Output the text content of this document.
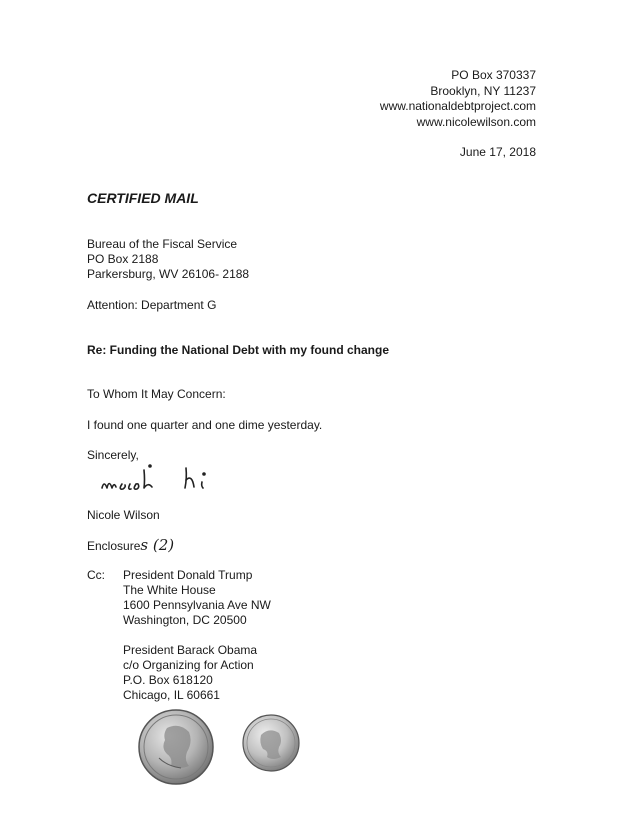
PO Box 370337

Brooklyn, NY 11237

www.nationaldebtproject.com

www.nicolewilson.com

June 17, 2018

CERTIFIED MAIL

Bureau of the Fiscal Service

PO Box 2188

Parkersburg, WV 26106- 2188

Attention: Department G

Re: Funding the National Debt with my found change

To Whom It May Concern:

I found one quarter and one dime yesterday.

Sincerely,

Nicole Wilson

Enclosures (2)

Cc: President Donald Trump

The White House

1600 Pennsylvania Ave NW

Washington, DC 20500

President Barack Obama

c/o Organizing for Action

P.O. Box 618120

Chicago, IL 60661
